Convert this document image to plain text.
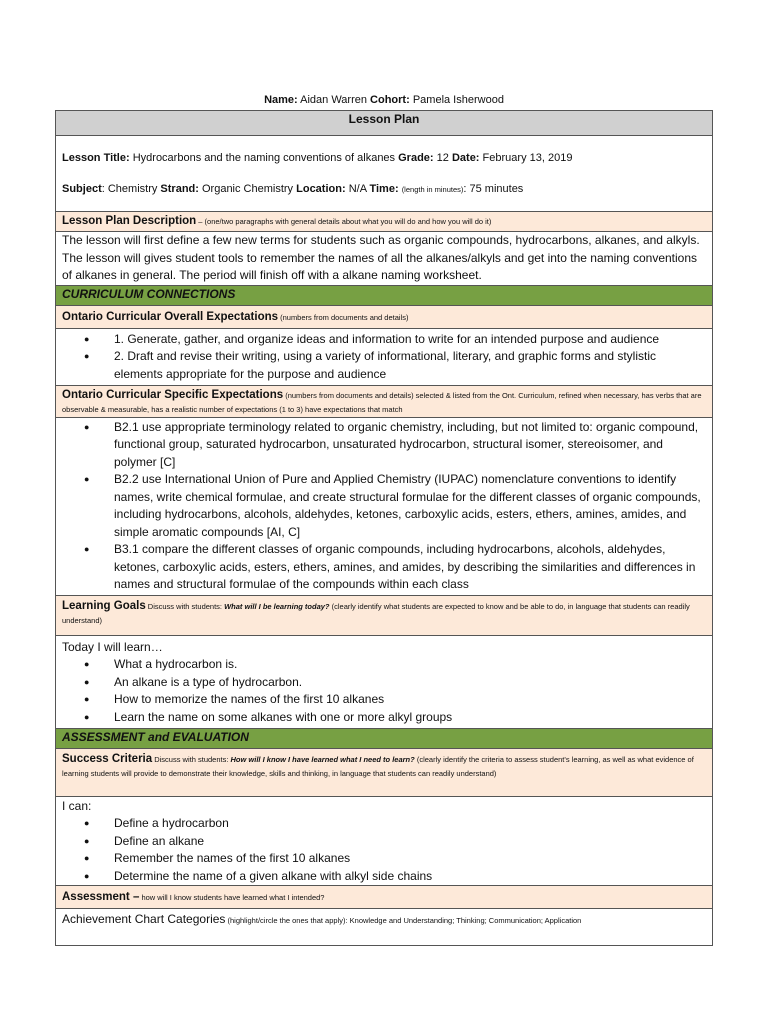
Name: Aidan Warren Cohort: Pamela Isherwood
Lesson Plan

Lesson Title: Hydrocarbons and the naming conventions of alkanes Grade: 12 Date: February 13, 2019
Subject: Chemistry Strand: Organic Chemistry Location: N/A Time: (length in minutes): 75 minutes

Lesson Plan Description – (one/two paragraphs with general details about what you will do and how you will do it)
The lesson will first define a few new terms for students such as organic compounds, hydrocarbons, alkanes, and alkyls. The lesson will gives student tools to remember the names of all the alkanes/alkyls and get into the naming conventions of alkanes in general. The period will finish off with a alkane naming worksheet.
CURRICULUM CONNECTIONS
Ontario Curricular Overall Expectations (numbers from documents and details)

● 1. Generate, gather, and organize ideas and information to write for an intended purpose and audience
● 2. Draft and revise their writing, using a variety of informational, literary, and graphic forms and stylistic elements appropriate for the purpose and audience

Ontario Curricular Specific Expectations (numbers from documents and details) selected & listed from the Ont. Curriculum, refined when necessary, has verbs that are observable & measurable, has a realistic number of expectations (1 to 3) have expectations that match

● B2.1 use appropriate terminology related to organic chemistry, including, but not limited to: organic compound, functional group, saturated hydrocarbon, unsaturated hydrocarbon, structural isomer, stereoisomer, and polymer [C]
● B2.2 use International Union of Pure and Applied Chemistry (IUPAC) nomenclature conventions to identify names, write chemical formulae, and create structural formulae for the different classes of organic compounds, including hydrocarbons, alcohols, aldehydes, ketones, carboxylic acids, esters, ethers, amines, amides, and simple aromatic compounds [AI, C]
● B3.1 compare the different classes of organic compounds, including hydrocarbons, alcohols, aldehydes, ketones, carboxylic acids, esters, ethers, amines, and amides, by describing the similarities and differences in names and structural formulae of the compounds within each class

Learning Goals Discuss with students: What will I be learning today? (clearly identify what students are expected to know and be able to do, in language that students can readily understand)

Today I will learn…
● What a hydrocarbon is.
● An alkane is a type of hydrocarbon.
● How to memorize the names of the first 10 alkanes
● Learn the name on some alkanes with one or more alkyl groups

ASSESSMENT and EVALUATION
Success Criteria Discuss with students: How will I know I have learned what I need to learn? (clearly identify the criteria to assess student's learning, as well as what evidence of learning students will provide to demonstrate their knowledge, skills and thinking, in language that students can readily understand)

I can:
● Define a hydrocarbon
● Define an alkane
● Remember the names of the first 10 alkanes
● Determine the name of a given alkane with alkyl side chains

Assessment – how will I know students have learned what I intended?
Achievement Chart Categories (highlight/circle the ones that apply): Knowledge and Understanding; Thinking; Communication; Application
